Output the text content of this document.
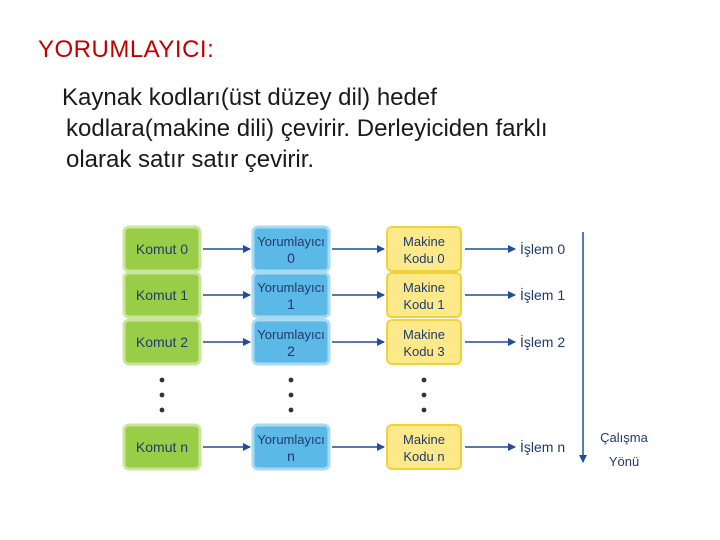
YORUMLAYICI:
Kaynak kodları(üst düzey dil) hedef
kodlara(makine dili) çevirir. Derleyiciden farklı
olarak satır satır çevirir.
Komut 0	Yorumlayıcı
0
Makine
Kodu 0
İşlem 0
Komut 1	Yorumlayıcı
1
Makine
Kodu 1
İşlem 1
Komut 2	Yorumlayıcı
2
Makine
Kodu 3
İşlem 2
Komut n	Yorumlayıcı
n
Makine
Kodu n
İşlem n
Çalışma
Yönü
